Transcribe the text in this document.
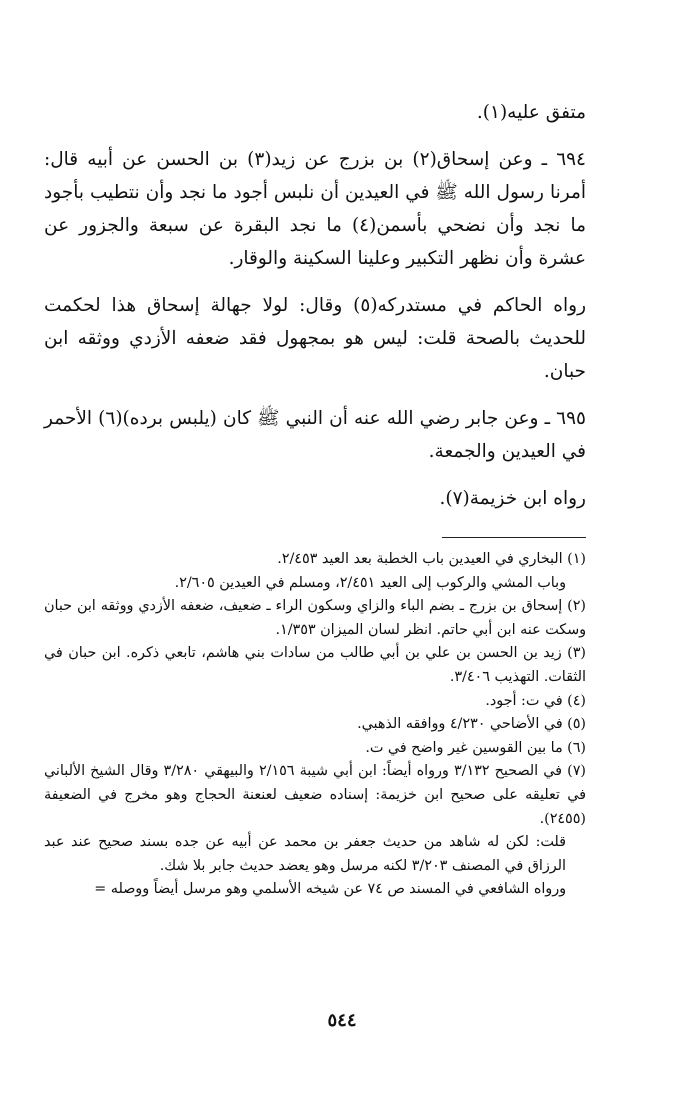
متفق عليه(١).

٦٩٤ ـ وعن إسحاق(٢) بن بزرج عن زيد(٣) بن الحسن عن أبيه قال: أمرنا رسول الله ﷺ في العيدين أن نلبس أجود ما نجد وأن نتطيب بأجود ما نجد وأن نضحي بأسمن(٤) ما نجد البقرة عن سبعة والجزور عن عشرة وأن نظهر التكبير وعلينا السكينة والوقار.

رواه الحاكم في مستدركه(٥) وقال: لولا جهالة إسحاق هذا لحكمت للحديث بالصحة قلت: ليس هو بمجهول فقد ضعفه الأزدي ووثقه ابن حبان.

٦٩٥ ـ وعن جابر رضي الله عنه أن النبي ﷺ كان (يلبس برده)(٦) الأحمر في العيدين والجمعة.

رواه ابن خزيمة(٧).

(١) البخاري في العيدين باب الخطبة بعد العيد ٢/٤٥٣.

وباب المشي والركوب إلى العيد ٢/٤٥١، ومسلم في العيدين ٢/٦٠٥.

(٢) إسحاق بن بزرج ـ بضم الباء والزاي وسكون الراء ـ ضعيف، ضعفه الأزدي ووثقه ابن حبان وسكت عنه ابن أبي حاتم. انظر لسان الميزان ١/٣٥٣.

(٣) زيد بن الحسن بن علي بن أبي طالب من سادات بني هاشم، تابعي ذكره. ابن حبان في الثقات. التهذيب ٣/٤٠٦.

(٤) في ت: أجود.

(٥) في الأضاحي ٤/٢٣٠ ووافقه الذهبي.

(٦) ما بين القوسين غير واضح في ت.

(٧) في الصحيح ٣/١٣٢ ورواه أيضاً: ابن أبي شيبة ٢/١٥٦ والبيهقي ٣/٢٨٠ وقال الشيخ الألباني في تعليقه على صحيح ابن خزيمة: إسناده ضعيف لعنعنة الحجاج وهو مخرج في الضعيفة (٢٤٥٥).

قلت: لكن له شاهد من حديث جعفر بن محمد عن أبيه عن جده بسند صحيح عند عبد الرزاق في المصنف ٣/٢٠٣ لكنه مرسل وهو يعضد حديث جابر بلا شك.

ورواه الشافعي في المسند ص ٧٤ عن شيخه الأسلمي وهو مرسل أيضاً ووصله =

٥٤٤
